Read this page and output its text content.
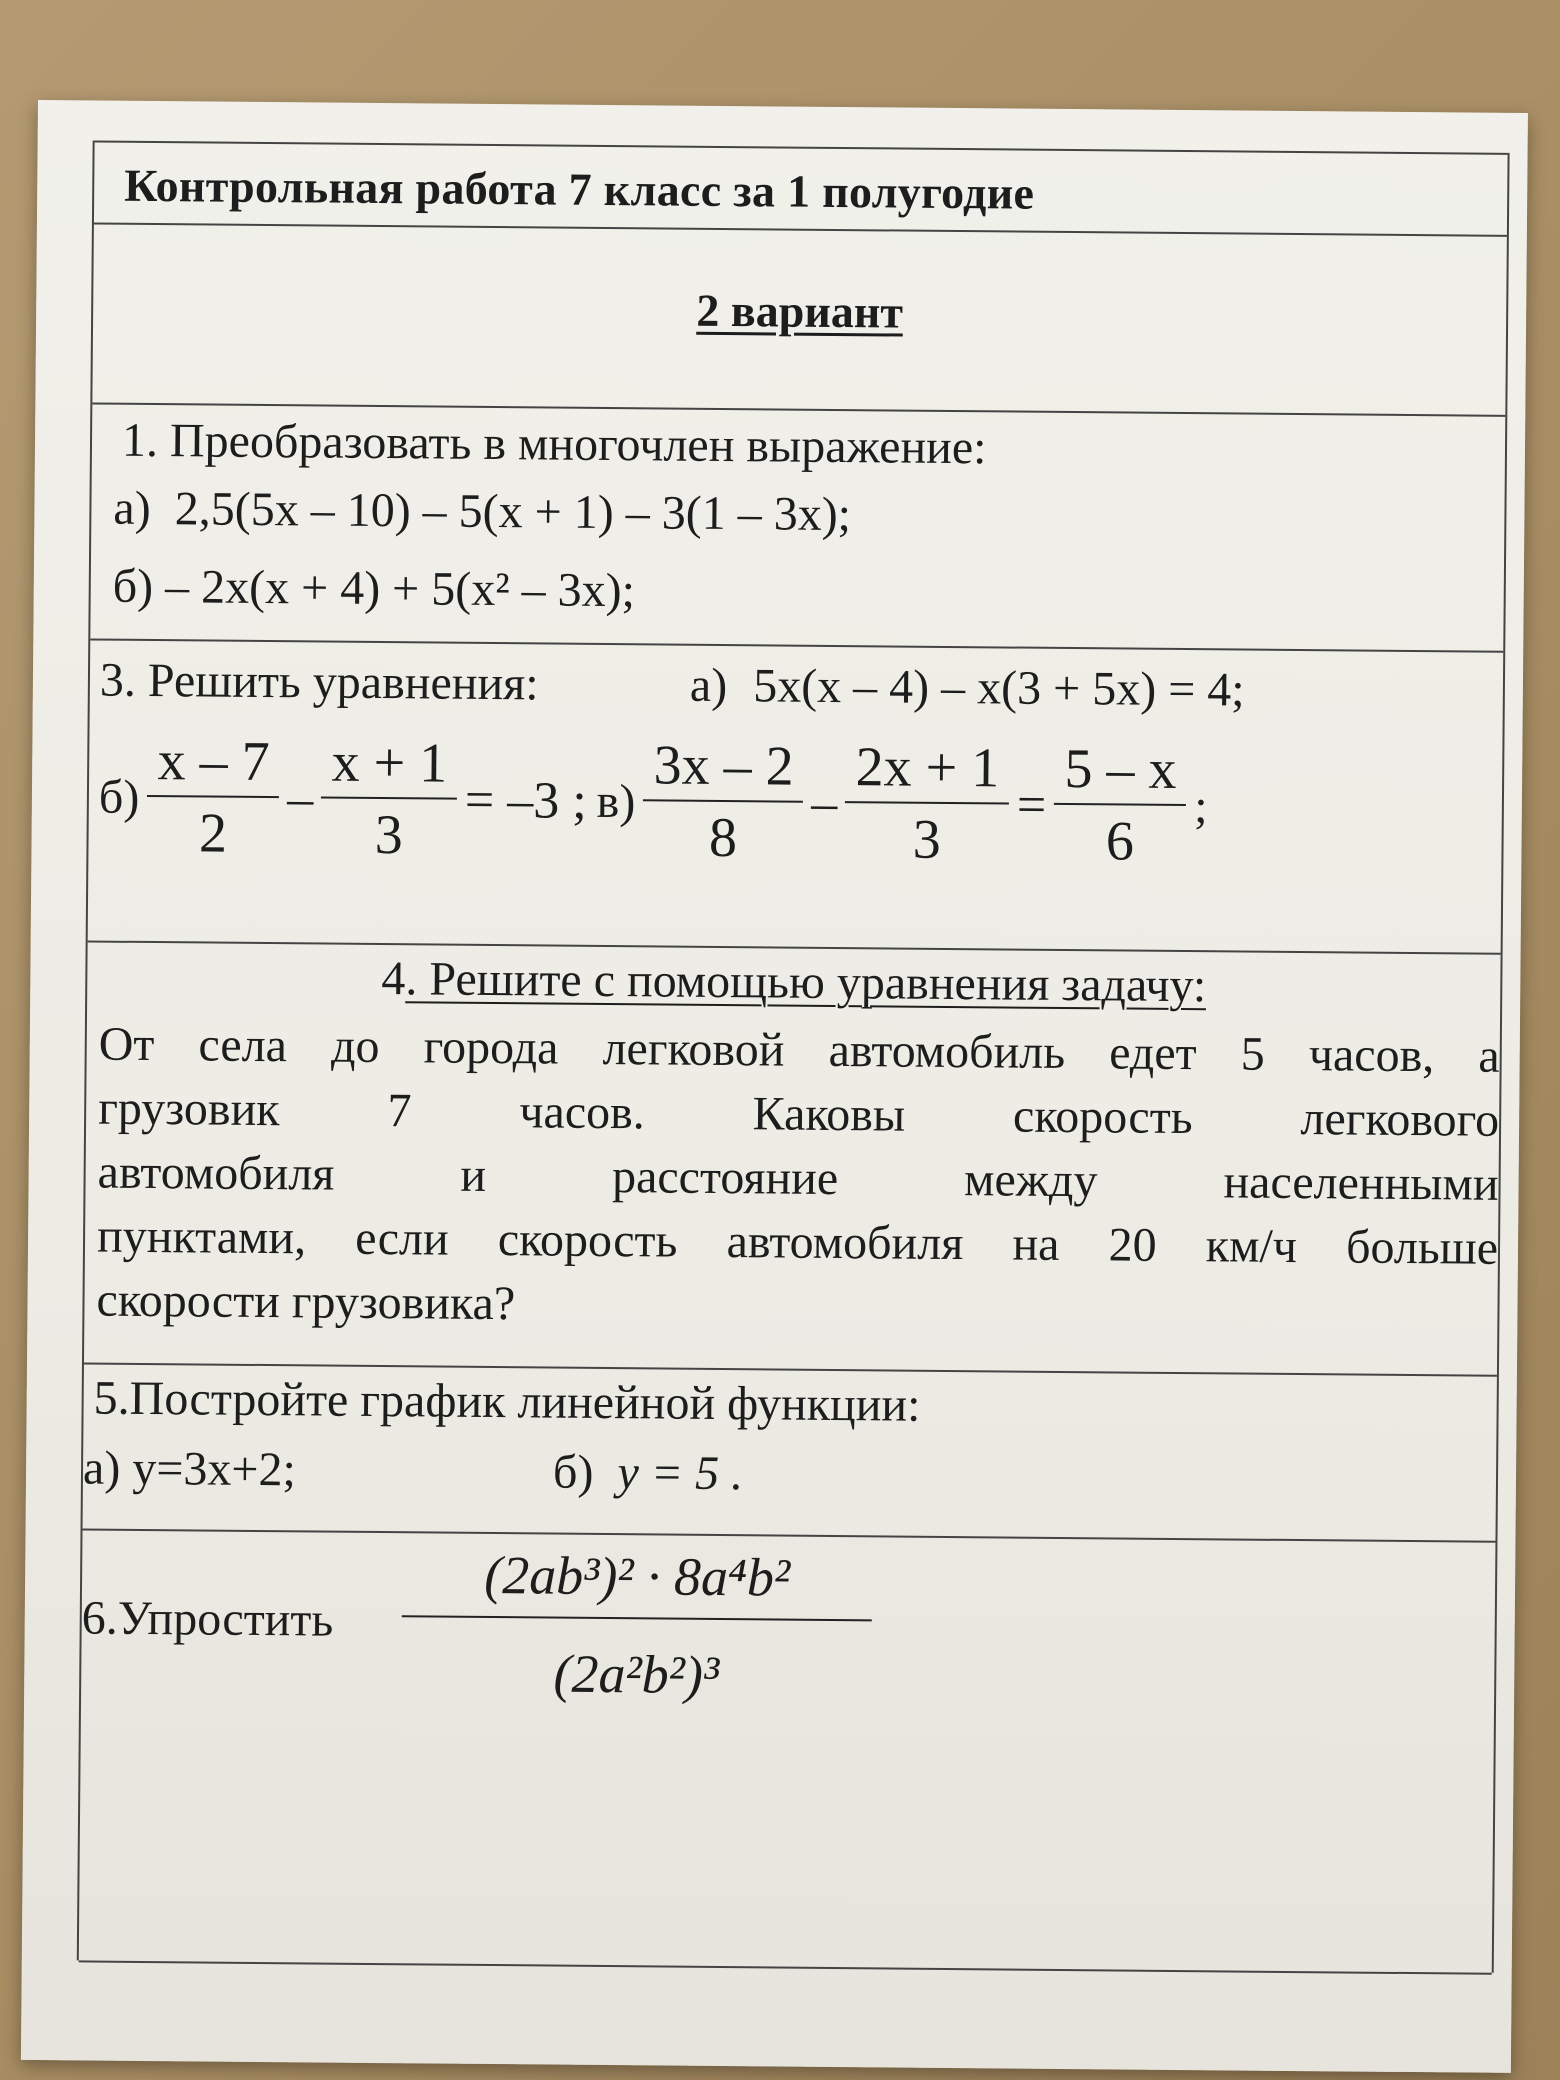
Контрольная работа 7 класс за 1 полугодие
2 вариант
1. Преобразовать в многочлен выражение:
а) 2,5(5x – 10) – 5(x + 1) – 3(1 – 3x);
б) – 2x(x + 4) + 5(x² – 3x);
3. Решить уравнения:	а) 5x(x – 4) – x(3 + 5x) = 4;
$б) \frac{x - 7}{2} - \frac{x + 1}{3} = -3$ ; $в) \frac{3x - 2}{8} - \frac{2x + 1}{3} = \frac{5 - x}{6}$ ;
4. Решите с помощью уравнения задачу:
От села до города легковой автомобиль едет 5 часов, а
грузовик 7 часов. Каковы скорость легкового
автомобиля и расстояние между населенными
пунктами, если скорость автомобиля на 20 км/ч больше
скорости грузовика?
5.Постройте график линейной функции:
а) y=3x+2;	б) y = 5 .
6.Упростить
(2ab³)² · 8a⁴b²
(2a²b²)³
